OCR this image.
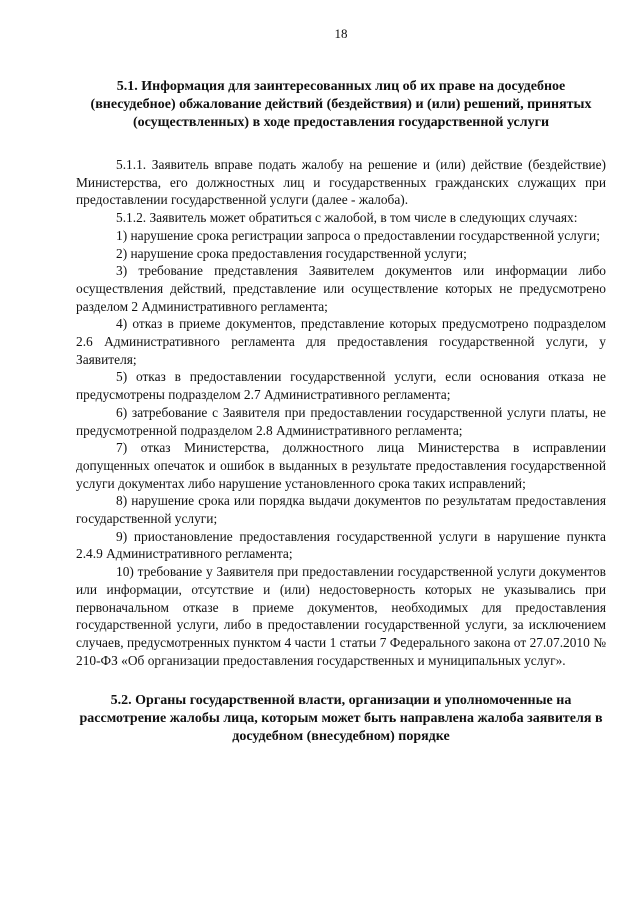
18
5.1. Информация для заинтересованных лиц об их праве на досудебное (внесудебное) обжалование действий (бездействия) и (или) решений, принятых (осуществленных) в ходе предоставления государственной услуги

5.1.1. Заявитель вправе подать жалобу на решение и (или) действие (бездействие) Министерства, его должностных лиц и государственных гражданских служащих при предоставлении государственной услуги (далее - жалоба).

5.1.2. Заявитель может обратиться с жалобой, в том числе в следующих случаях:

1) нарушение срока регистрации запроса о предоставлении государственной услуги;

2) нарушение срока предоставления государственной услуги;

3) требование представления Заявителем документов или информации либо осуществления действий, представление или осуществление которых не предусмотрено разделом 2 Административного регламента;

4) отказ в приеме документов, представление которых предусмотрено подразделом 2.6 Административного регламента для предоставления государственной услуги, у Заявителя;

5) отказ в предоставлении государственной услуги, если основания отказа не предусмотрены подразделом 2.7 Административного регламента;

6) затребование с Заявителя при предоставлении государственной услуги платы, не предусмотренной подразделом 2.8 Административного регламента;

7) отказ Министерства, должностного лица Министерства в исправлении допущенных опечаток и ошибок в выданных в результате предоставления государственной услуги документах либо нарушение установленного срока таких исправлений;

8) нарушение срока или порядка выдачи документов по результатам предоставления государственной услуги;

9) приостановление предоставления государственной услуги в нарушение пункта 2.4.9 Административного регламента;

10) требование у Заявителя при предоставлении государственной услуги документов или информации, отсутствие и (или) недостоверность которых не указывались при первоначальном отказе в приеме документов, необходимых для предоставления государственной услуги, либо в предоставлении государственной услуги, за исключением случаев, предусмотренных пунктом 4 части 1 статьи 7 Федерального закона от 27.07.2010 № 210-ФЗ «Об организации предоставления государственных и муниципальных услуг».

5.2. Органы государственной власти, организации и уполномоченные на рассмотрение жалобы лица, которым может быть направлена жалоба заявителя в досудебном (внесудебном) порядке
